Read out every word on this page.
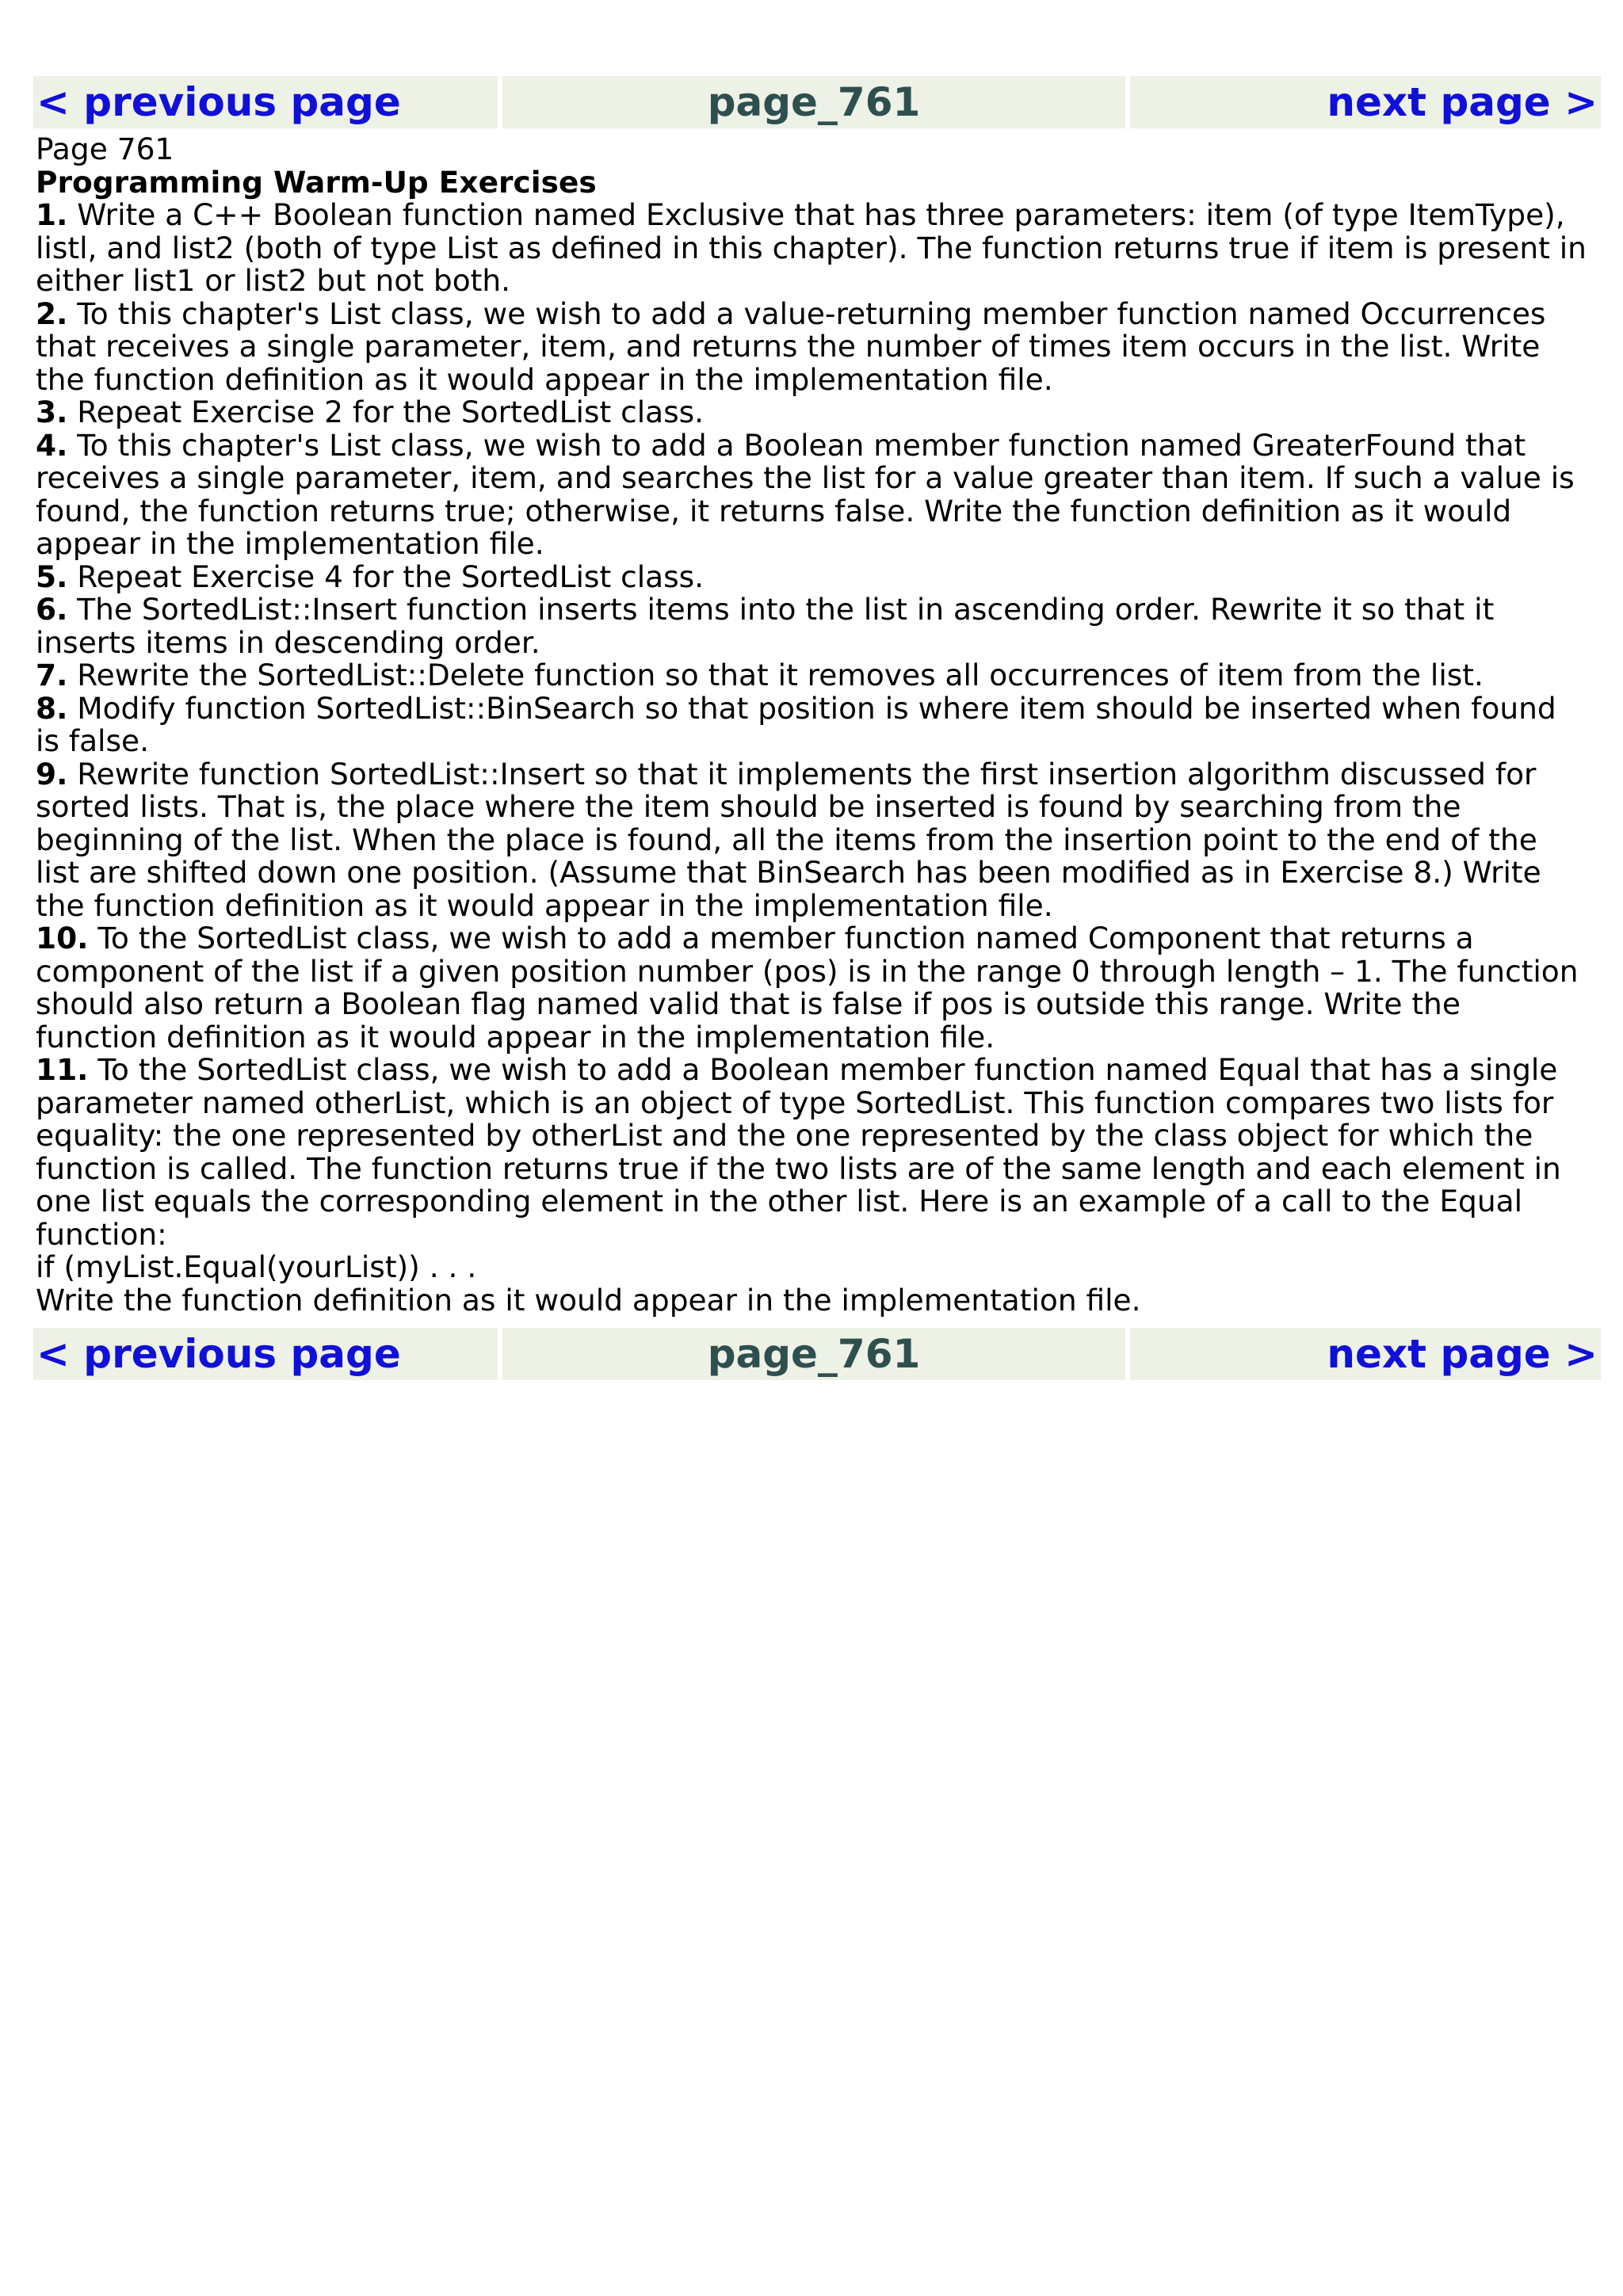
< previous page	page_761	next page >

Page 761

Programming Warm-Up Exercises

1. Write a C++ Boolean function named Exclusive that has three parameters: item (of type ItemType), listl, and list2 (both of type List as defined in this chapter). The function returns true if item is present in either list1 or list2 but not both.

2. To this chapter's List class, we wish to add a value-returning member function named Occurrences that receives a single parameter, item, and returns the number of times item occurs in the list. Write the function definition as it would appear in the implementation file.

3. Repeat Exercise 2 for the SortedList class.

4. To this chapter's List class, we wish to add a Boolean member function named GreaterFound that receives a single parameter, item, and searches the list for a value greater than item. If such a value is found, the function returns true; otherwise, it returns false. Write the function definition as it would appear in the implementation file.

5. Repeat Exercise 4 for the SortedList class.

6. The SortedList::Insert function inserts items into the list in ascending order. Rewrite it so that it inserts items in descending order.

7. Rewrite the SortedList::Delete function so that it removes all occurrences of item from the list.

8. Modify function SortedList::BinSearch so that position is where item should be inserted when found is false.

9. Rewrite function SortedList::Insert so that it implements the first insertion algorithm discussed for sorted lists. That is, the place where the item should be inserted is found by searching from the beginning of the list. When the place is found, all the items from the insertion point to the end of the list are shifted down one position. (Assume that BinSearch has been modified as in Exercise 8.) Write the function definition as it would appear in the implementation file.

10. To the SortedList class, we wish to add a member function named Component that returns a component of the list if a given position number (pos) is in the range 0 through length – 1. The function should also return a Boolean flag named valid that is false if pos is outside this range. Write the function definition as it would appear in the implementation file.

11. To the SortedList class, we wish to add a Boolean member function named Equal that has a single parameter named otherList, which is an object of type SortedList. This function compares two lists for equality: the one represented by otherList and the one represented by the class object for which the function is called. The function returns true if the two lists are of the same length and each element in one list equals the corresponding element in the other list. Here is an example of a call to the Equal function:

if (myList.Equal(yourList)) . . .

Write the function definition as it would appear in the implementation file.

< previous page	page_761	next page >
